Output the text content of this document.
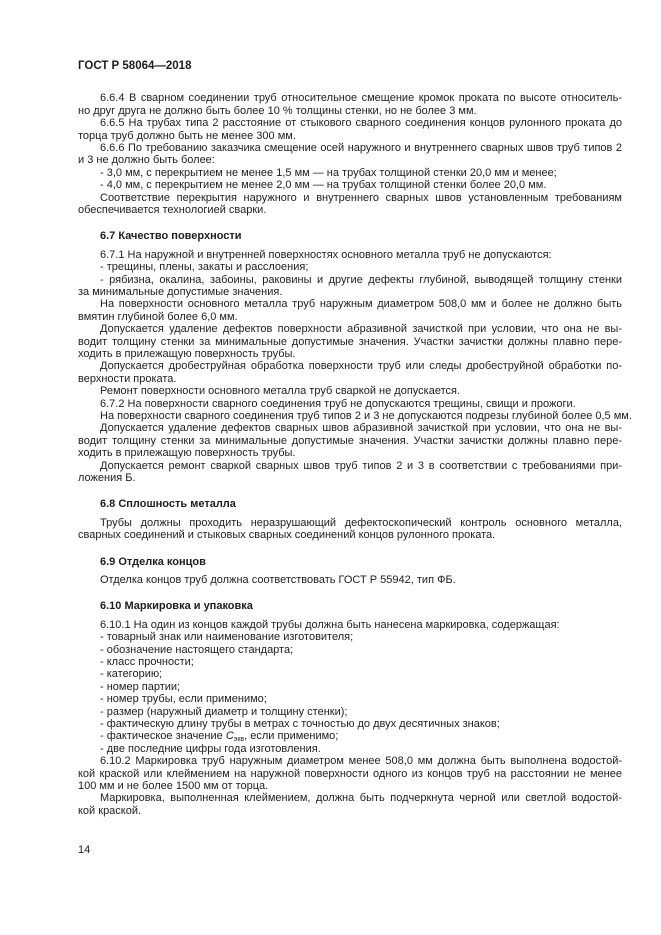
ГОСТ Р 58064—2018
6.6.4 В сварном соединении труб относительное смещение кромок проката по высоте относитель-
но друг друга не должно быть более 10 % толщины стенки, но не более 3 мм.
6.6.5 На трубах типа 2 расстояние от стыкового сварного соединения концов рулонного проката до
торца труб должно быть не менее 300 мм.
6.6.6 По требованию заказчика смещение осей наружного и внутреннего сварных швов труб типов 2
и 3 не должно быть более:
- 3,0 мм, с перекрытием не менее 1,5 мм — на трубах толщиной стенки 20,0 мм и менее;
- 4,0 мм, с перекрытием не менее 2,0 мм — на трубах толщиной стенки более 20,0 мм.
Соответствие перекрытия наружного и внутреннего сварных швов установленным требованиям
обеспечивается технологией сварки.
6.7 Качество поверхности
6.7.1 На наружной и внутренней поверхностях основного металла труб не допускаются:
- трещины, плены, закаты и расслоения;
- рябизна, окалина, забоины, раковины и другие дефекты глубиной, выводящей толщину стенки
за минимальные допустимые значения.
На поверхности основного металла труб наружным диаметром 508,0 мм и более не должно быть
вмятин глубиной более 6,0 мм.
Допускается удаление дефектов поверхности абразивной зачисткой при условии, что она не вы-
водит толщину стенки за минимальные допустимые значения. Участки зачистки должны плавно пере-
ходить в прилежащую поверхность трубы.
Допускается дробеструйная обработка поверхности труб или следы дробеструйной обработки по-
верхности проката.
Ремонт поверхности основного металла труб сваркой не допускается.
6.7.2 На поверхности сварного соединения труб не допускаются трещины, свищи и прожоги.
На поверхности сварного соединения труб типов 2 и 3 не допускаются подрезы глубиной более 0,5 мм.
Допускается удаление дефектов сварных швов абразивной зачисткой при условии, что она не вы-
водит толщину стенки за минимальные допустимые значения. Участки зачистки должны плавно пере-
ходить в прилежащую поверхность трубы.
Допускается ремонт сваркой сварных швов труб типов 2 и 3 в соответствии с требованиями при-
ложения Б.
6.8 Сплошность металла
Трубы должны проходить неразрушающий дефектоскопический контроль основного металла,
сварных соединений и стыковых сварных соединений концов рулонного проката.
6.9 Отделка концов
Отделка концов труб должна соответствовать ГОСТ Р 55942, тип ФБ.
6.10 Маркировка и упаковка
6.10.1 На один из концов каждой трубы должна быть нанесена маркировка, содержащая:
- товарный знак или наименование изготовителя;
- обозначение настоящего стандарта;
- класс прочности;
- категорию;
- номер партии;
- номер трубы, если применимо;
- размер (наружный диаметр и толщину стенки);
- фактическую длину трубы в метрах с точностью до двух десятичных знаков;
- фактическое значение $C_{экв}$, если применимо;
- две последние цифры года изготовления.
6.10.2 Маркировка труб наружным диаметром менее 508,0 мм должна быть выполнена водостой-
кой краской или клеймением на наружной поверхности одного из концов труб на расстоянии не менее
100 мм и не более 1500 мм от торца.
Маркировка, выполненная клеймением, должна быть подчеркнута черной или светлой водостой-
кой краской.
14
